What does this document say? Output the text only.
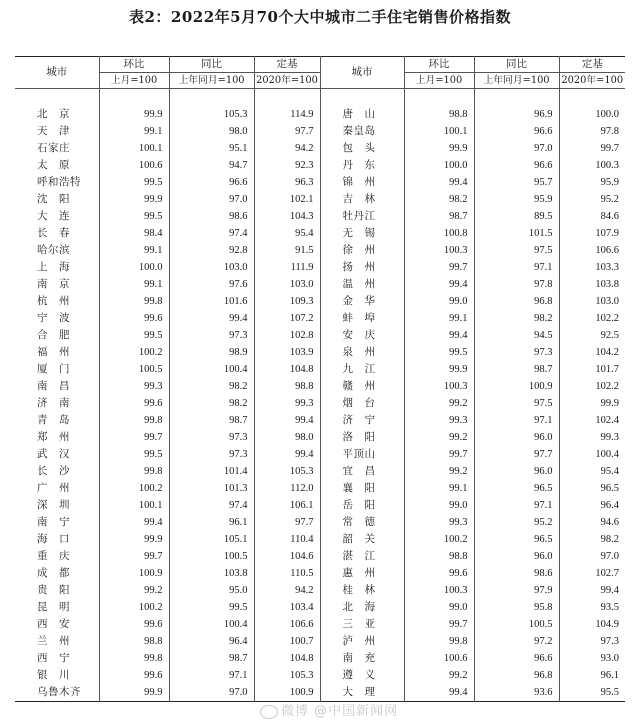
表2：2022年5月70个大中城市二手住宅销售价格指数
城市	环比	同比	定基	城市	环比	同比	定基
	上月=100	上年同月=100	2020年=100		上月=100	上年同月=100	2020年=100

北　京	99.9	105.3	114.9	唐　山	98.8	96.9	100.0
天　津	99.1	98.0	97.7	秦皇岛	100.1	96.6	97.8
石家庄	100.1	95.1	94.2	包　头	99.9	97.0	99.7
太　原	100.6	94.7	92.3	丹　东	100.0	96.6	100.3
呼和浩特	99.5	96.6	96.3	锦　州	99.4	95.7	95.9
沈　阳	99.9	97.0	102.1	吉　林	98.2	95.9	95.2
大　连	99.5	98.6	104.3	牡丹江	98.7	89.5	84.6
长　春	98.4	97.4	95.4	无　锡	100.8	101.5	107.9
哈尔滨	99.1	92.8	91.5	徐　州	100.3	97.5	106.6
上　海	100.0	103.0	111.9	扬　州	99.7	97.1	103.3
南　京	99.1	97.6	103.0	温　州	99.4	97.8	103.8
杭　州	99.8	101.6	109.3	金　华	99.0	96.8	103.0
宁　波	99.6	99.4	107.2	蚌　埠	99.1	98.2	102.2
合　肥	99.5	97.3	102.8	安　庆	99.4	94.5	92.5
福　州	100.2	98.9	103.9	泉　州	99.5	97.3	104.2
厦　门	100.5	100.4	104.8	九　江	99.9	98.7	101.7
南　昌	99.3	98.2	98.8	赣　州	100.3	100.9	102.2
济　南	99.6	98.2	99.3	烟　台	99.2	97.5	99.9
青　岛	99.8	98.7	99.4	济　宁	99.3	97.1	102.4
郑　州	99.7	97.3	98.0	洛　阳	99.2	96.0	99.3
武　汉	99.5	97.3	99.4	平顶山	99.7	97.7	100.4
长　沙	99.8	101.4	105.3	宜　昌	99.2	96.0	95.4
广　州	100.2	101.3	112.0	襄　阳	99.1	96.5	96.5
深　圳	100.1	97.4	106.1	岳　阳	99.0	97.1	96.4
南　宁	99.4	96.1	97.7	常　德	99.3	95.2	94.6
海　口	99.9	105.1	110.4	韶　关	100.2	96.5	98.2
重　庆	99.7	100.5	104.6	湛　江	98.8	96.0	97.0
成　都	100.9	103.8	110.5	惠　州	99.6	98.6	102.7
贵　阳	99.2	95.0	94.2	桂　林	100.3	97.9	99.4
昆　明	100.2	99.5	103.4	北　海	99.0	95.8	93.5
西　安	99.6	100.4	106.6	三　亚	99.7	100.5	104.9
兰　州	98.8	96.4	100.7	泸　州	99.8	97.2	97.3
西　宁	99.8	98.7	104.8	南　充	100.6	96.6	93.0
银　川	99.6	97.1	105.3	遵　义	99.2	96.8	96.1
乌鲁木齐	99.9	97.0	100.9	大　理	99.4	93.6	95.5
微博 @中国新闻网
